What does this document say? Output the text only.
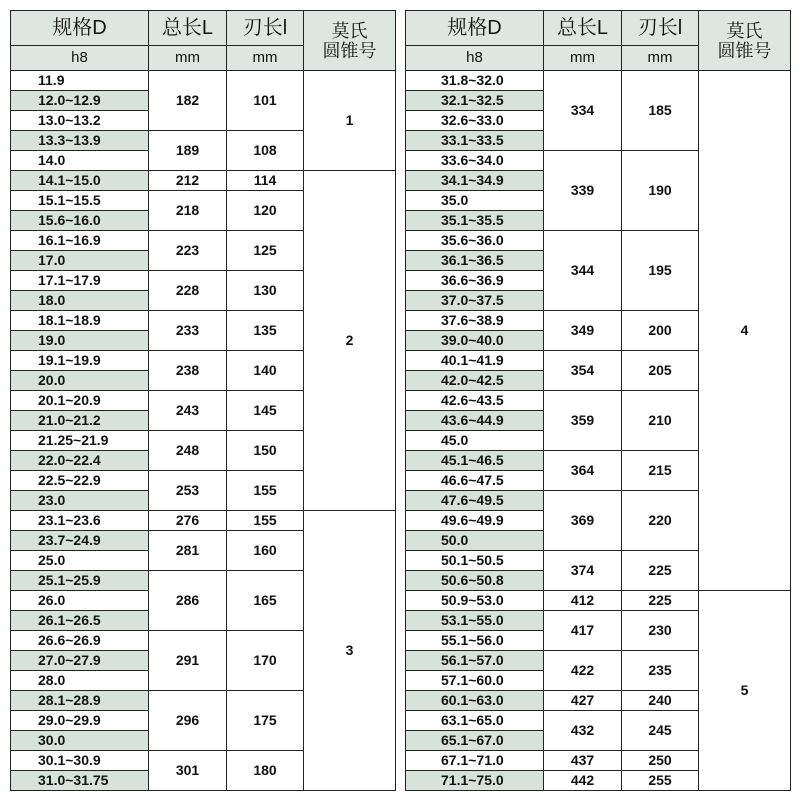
规格D	总长L	刃长l	莫氏
圆锥号

h8	mm	mm	
11.9	182	101	1
12.0~12.9			
13.0~13.2			
13.3~13.9	189	108	
14.0			
14.1~15.0	212	114	2
15.1~15.5	218	120	
15.6~16.0			
16.1~16.9	223	125	
17.0			
17.1~17.9	228	130	
18.0			
18.1~18.9	233	135	
19.0			
19.1~19.9	238	140	
20.0			
20.1~20.9	243	145	
21.0~21.2			
21.25~21.9	248	150	
22.0~22.4			
22.5~22.9	253	155	
23.0			
23.1~23.6	276	155	3
23.7~24.9	281	160	
25.0			
25.1~25.9	286	165	
26.0			
26.1~26.5			
26.6~26.9	291	170	
27.0~27.9			
28.0			
28.1~28.9	296	175	
29.0~29.9			
30.0			
30.1~30.9	301	180	
31.0~31.75			
规格D	总长L	刃长l	莫氏
圆锥号

h8	mm	mm	
31.8~32.0	334	185	4
32.1~32.5			
32.6~33.0			
33.1~33.5			
33.6~34.0	339	190	
34.1~34.9			
35.0			
35.1~35.5			
35.6~36.0	344	195	
36.1~36.5			
36.6~36.9			
37.0~37.5			
37.6~38.9	349	200	
39.0~40.0			
40.1~41.9	354	205	
42.0~42.5			
42.6~43.5	359	210	
43.6~44.9			
45.0			
45.1~46.5	364	215	
46.6~47.5			
47.6~49.5	369	220	
49.6~49.9			
50.0			
50.1~50.5	374	225	
50.6~50.8			
50.9~53.0	412	225	5
53.1~55.0	417	230	
55.1~56.0			
56.1~57.0	422	235	
57.1~60.0			
60.1~63.0	427	240	
63.1~65.0	432	245	
65.1~67.0			
67.1~71.0	437	250	
71.1~75.0	442	255	
